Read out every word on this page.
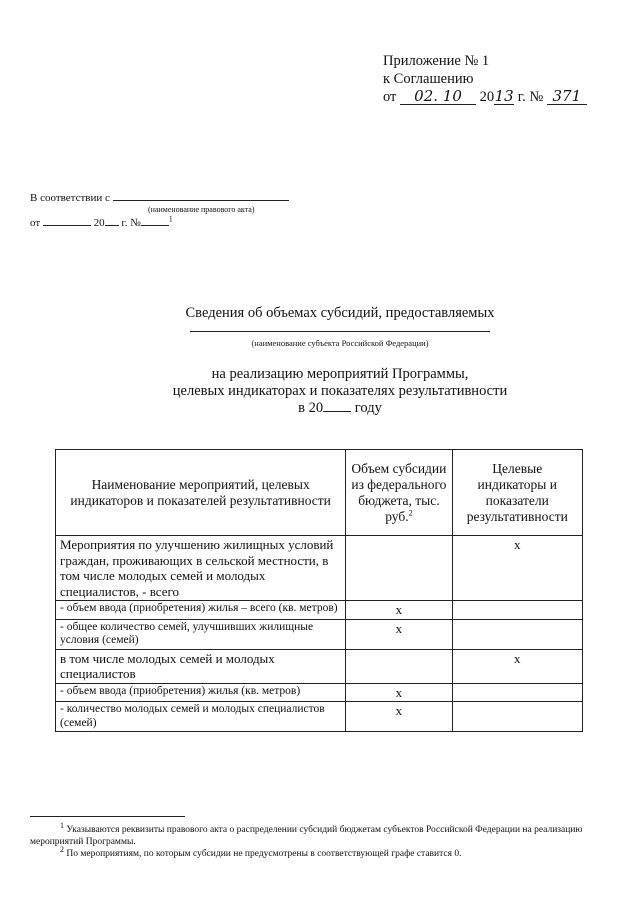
Приложение № 1
к Соглашению
от 02. 10 2013 г. № 371
В соответствии с
(наименование правового акта)
от	20 г. №	$^1$
Сведения об объемах субсидий, предоставляемых
(наименование субъекта Российской Федерации)
на реализацию мероприятий Программы,
целевых индикаторах и показателях результативности
в 20 году
Наименование мероприятий, целевых индикаторов и показателей результативности	Объем субсидии из федерального бюджета, тыс. руб.$^2$	Целевые индикаторы и показатели результативности
Мероприятия по улучшению жилищных условий граждан, проживающих в сельской местности, в том числе молодых семей и молодых специалистов, - всего		х
- объем ввода (приобретения) жилья – всего (кв. метров)	х	
- общее количество семей, улучшивших жилищные условия (семей)	х	
в том числе молодых семей и молодых специалистов		х
- объем ввода (приобретения) жилья (кв. метров)	х	
- количество молодых семей и молодых специалистов (семей)	х	

$^1$ Указываются реквизиты правового акта о распределении субсидий бюджетам субъектов Российской Федерации на реализацию мероприятий Программы.

$^2$ По мероприятиям, по которым субсидии не предусмотрены в соответствующей графе ставится 0.
